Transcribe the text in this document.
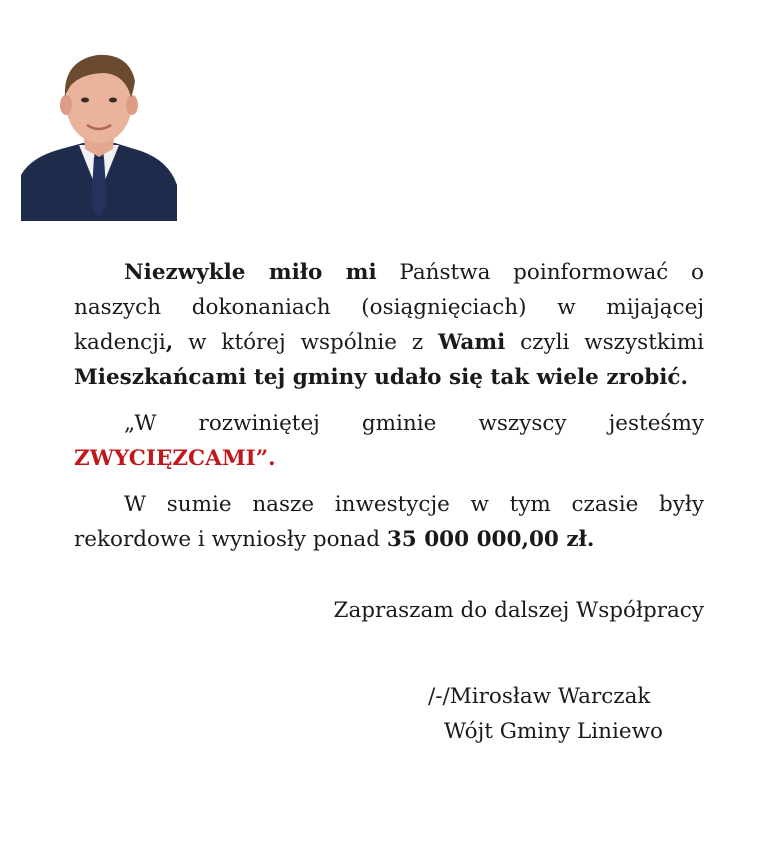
Niezwykle miło mi Państwa poinformować o naszych dokonaniach (osiągnięciach) w mijającej kadencji, w której wspólnie z Wami czyli wszystkimi Mieszkańcami tej gminy udało się tak wiele zrobić.

„W rozwiniętej gminie wszyscy jesteśmy
ZWYCIĘZCAMI”.

W sumie nasze inwestycje w tym czasie były rekordowe i wyniosły ponad 35 000 000,00 zł.

Zapraszam do dalszej Współpracy
/-/Mirosław Warczak
Wójt Gminy Liniewo
